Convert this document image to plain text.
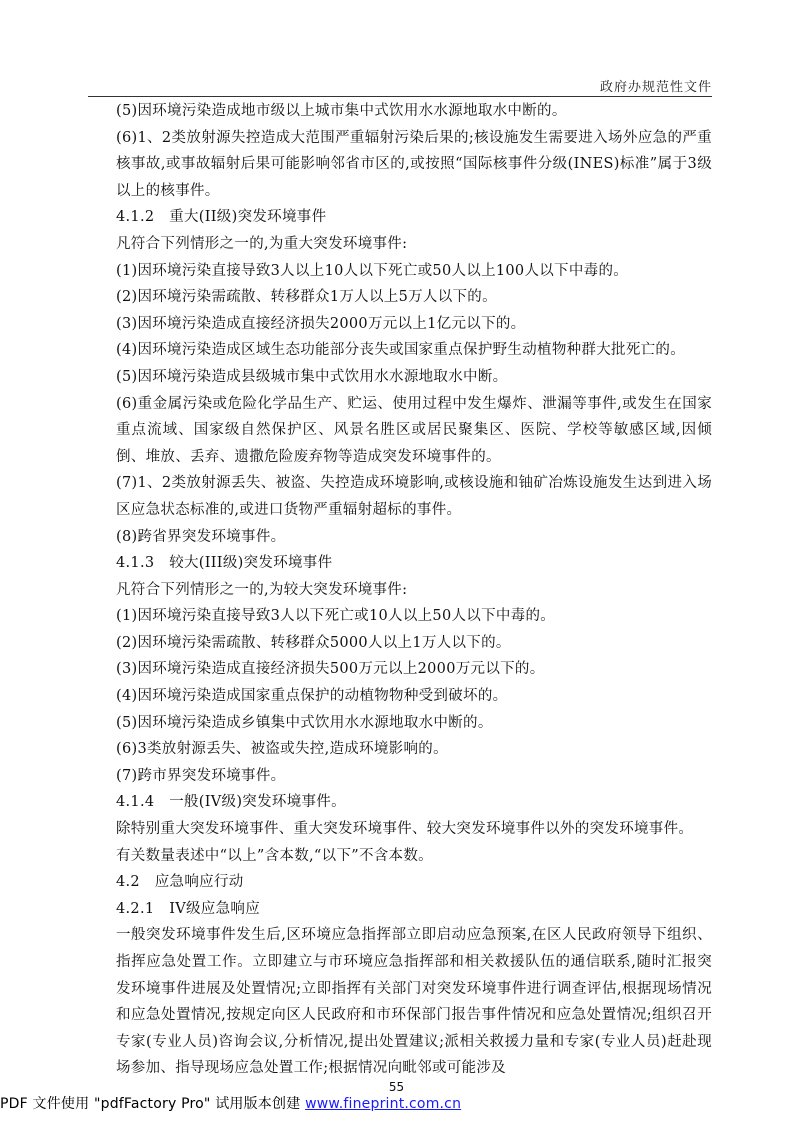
政府办规范性文件

(5)因环境污染造成地市级以上城市集中式饮用水水源地取水中断的。

(6)1、2类放射源失控造成大范围严重辐射污染后果的;核设施发生需要进入场外应急的严重核事故,或事故辐射后果可能影响邻省市区的,或按照“国际核事件分级(INES)标准”属于3级以上的核事件。

4.1.2　重大(II级)突发环境事件

凡符合下列情形之一的,为重大突发环境事件:

(1)因环境污染直接导致3人以上10人以下死亡或50人以上100人以下中毒的。

(2)因环境污染需疏散、转移群众1万人以上5万人以下的。

(3)因环境污染造成直接经济损失2000万元以上1亿元以下的。

(4)因环境污染造成区域生态功能部分丧失或国家重点保护野生动植物种群大批死亡的。

(5)因环境污染造成县级城市集中式饮用水水源地取水中断。

(6)重金属污染或危险化学品生产、贮运、使用过程中发生爆炸、泄漏等事件,或发生在国家重点流域、国家级自然保护区、风景名胜区或居民聚集区、医院、学校等敏感区域,因倾倒、堆放、丢弃、遗撒危险废弃物等造成突发环境事件的。

(7)1、2类放射源丢失、被盗、失控造成环境影响,或核设施和铀矿冶炼设施发生达到进入场区应急状态标准的,或进口货物严重辐射超标的事件。

(8)跨省界突发环境事件。

4.1.3　较大(III级)突发环境事件

凡符合下列情形之一的,为较大突发环境事件:

(1)因环境污染直接导致3人以下死亡或10人以上50人以下中毒的。

(2)因环境污染需疏散、转移群众5000人以上1万人以下的。

(3)因环境污染造成直接经济损失500万元以上2000万元以下的。

(4)因环境污染造成国家重点保护的动植物物种受到破坏的。

(5)因环境污染造成乡镇集中式饮用水水源地取水中断的。

(6)3类放射源丢失、被盗或失控,造成环境影响的。

(7)跨市界突发环境事件。

4.1.4　一般(IV级)突发环境事件。

除特别重大突发环境事件、重大突发环境事件、较大突发环境事件以外的突发环境事件。

有关数量表述中“以上”含本数,“以下”不含本数。

4.2　应急响应行动

4.2.1　IV级应急响应

一般突发环境事件发生后,区环境应急指挥部立即启动应急预案,在区人民政府领导下组织、指挥应急处置工作。立即建立与市环境应急指挥部和相关救援队伍的通信联系,随时汇报突发环境事件进展及处置情况;立即指挥有关部门对突发环境事件进行调查评估,根据现场情况和应急处置情况,按规定向区人民政府和市环保部门报告事件情况和应急处置情况;组织召开专家(专业人员)咨询会议,分析情况,提出处置建议;派相关救援力量和专家(专业人员)赶赴现场参加、指导现场应急处置工作;根据情况向毗邻或可能涉及

55
PDF 文件使用 "pdfFactory Pro" 试用版本创建 www.fineprint.com.cn
